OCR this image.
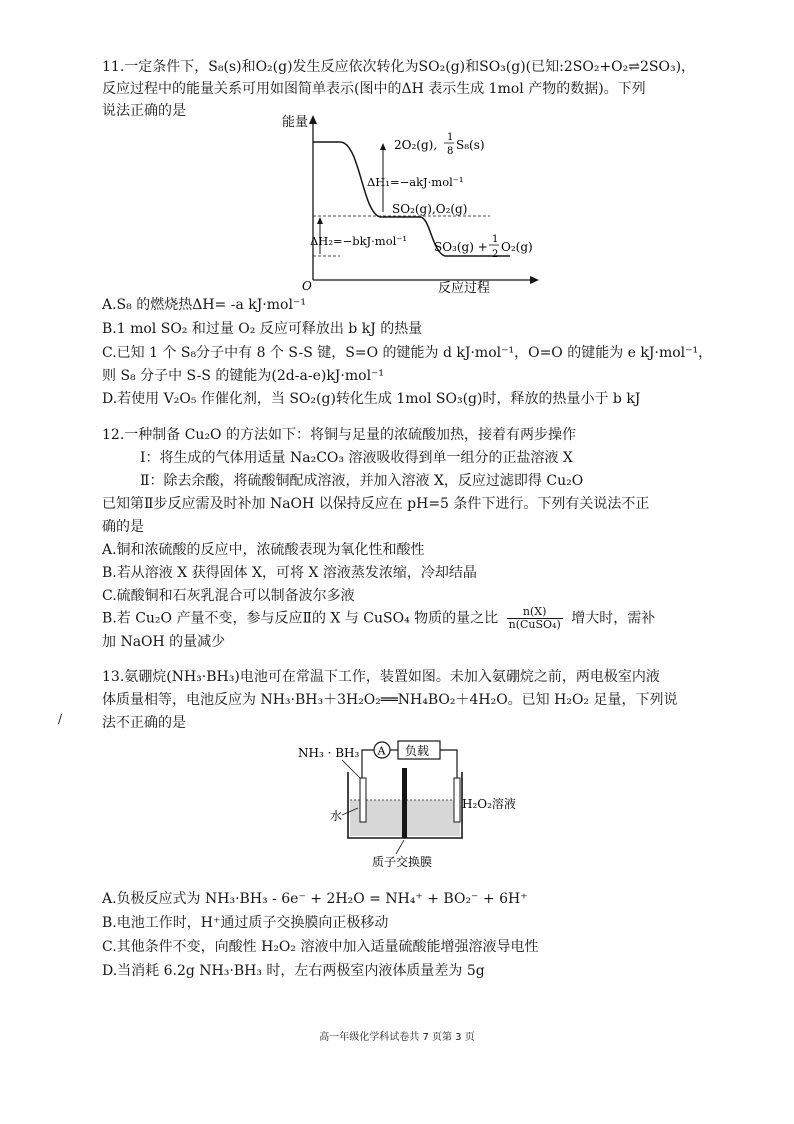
11.一定条件下，S₈(s)和O₂(g)发生反应依次转化为SO₂(g)和SO₃(g)(已知:2SO₂+O₂⇌2SO₃)，
反应过程中的能量关系可用如图简单表示(图中的ΔH 表示生成 1mol 产物的数据)。下列
说法正确的是
能量
O	反应过程
ΔH₁=−akJ·mol⁻¹
ΔH₂=−bkJ·mol⁻¹
SO₂(g),O₂(g)
2O₂(g),
1
8 S₈(s)
SO₃(g) +
1
2
O₂(g)
A.S₈ 的燃烧热ΔH= -a kJ·mol⁻¹
B.1 mol SO₂ 和过量 O₂ 反应可释放出 b kJ 的热量
C.已知 1 个 S₈分子中有 8 个 S-S 键，S=O 的键能为 d kJ·mol⁻¹，O=O 的键能为 e kJ·mol⁻¹，
则 S₈ 分子中 S-S 的键能为(2d-a-e)kJ·mol⁻¹
D.若使用 V₂O₅ 作催化剂，当 SO₂(g)转化生成 1mol SO₃(g)时，释放的热量小于 b kJ
12.一种制备 Cu₂O 的方法如下：将铜与足量的浓硫酸加热，接着有两步操作
Ⅰ：将生成的气体用适量 Na₂CO₃ 溶液吸收得到单一组分的正盐溶液 X
Ⅱ：除去余酸，将硫酸铜配成溶液，并加入溶液 X，反应过滤即得 Cu₂O
已知第Ⅱ步反应需及时补加 NaOH 以保持反应在 pH=5 条件下进行。下列有关说法不正
确的是
A.铜和浓硫酸的反应中，浓硫酸表现为氧化性和酸性
B.若从溶液 X 获得固体 X，可将 X 溶液蒸发浓缩，冷却结晶
C.硫酸铜和石灰乳混合可以制备波尔多液
B.若 Cu₂O 产量不变，参与反应Ⅱ的 X 与 CuSO₄ 物质的量之比 $\frac{n(X)}{\text{n(CuSO₄)}}$ 增大时，需补
加 NaOH 的量减少
13.氨硼烷(NH₃·BH₃)电池可在常温下工作，装置如图。未加入氨硼烷之前，两电极室内液
体质量相等，电池反应为 NH₃·BH₃＋3H₂O₂══NH₄BO₂＋4H₂O。已知 H₂O₂ 足量，下列说
法不正确的是
/
A 负载
NH₃ · BH₃
水
H₂O₂溶液
质子交换膜
A.负极反应式为 NH₃·BH₃ - 6e⁻ + 2H₂O = NH₄⁺ + BO₂⁻ + 6H⁺
B.电池工作时，H⁺通过质子交换膜向正极移动
C.其他条件不变，向酸性 H₂O₂ 溶液中加入适量硫酸能增强溶液导电性
D.当消耗 6.2g NH₃·BH₃ 时，左右两极室内液体质量差为 5g
高一年级化学科试卷共 7 页第 3 页
